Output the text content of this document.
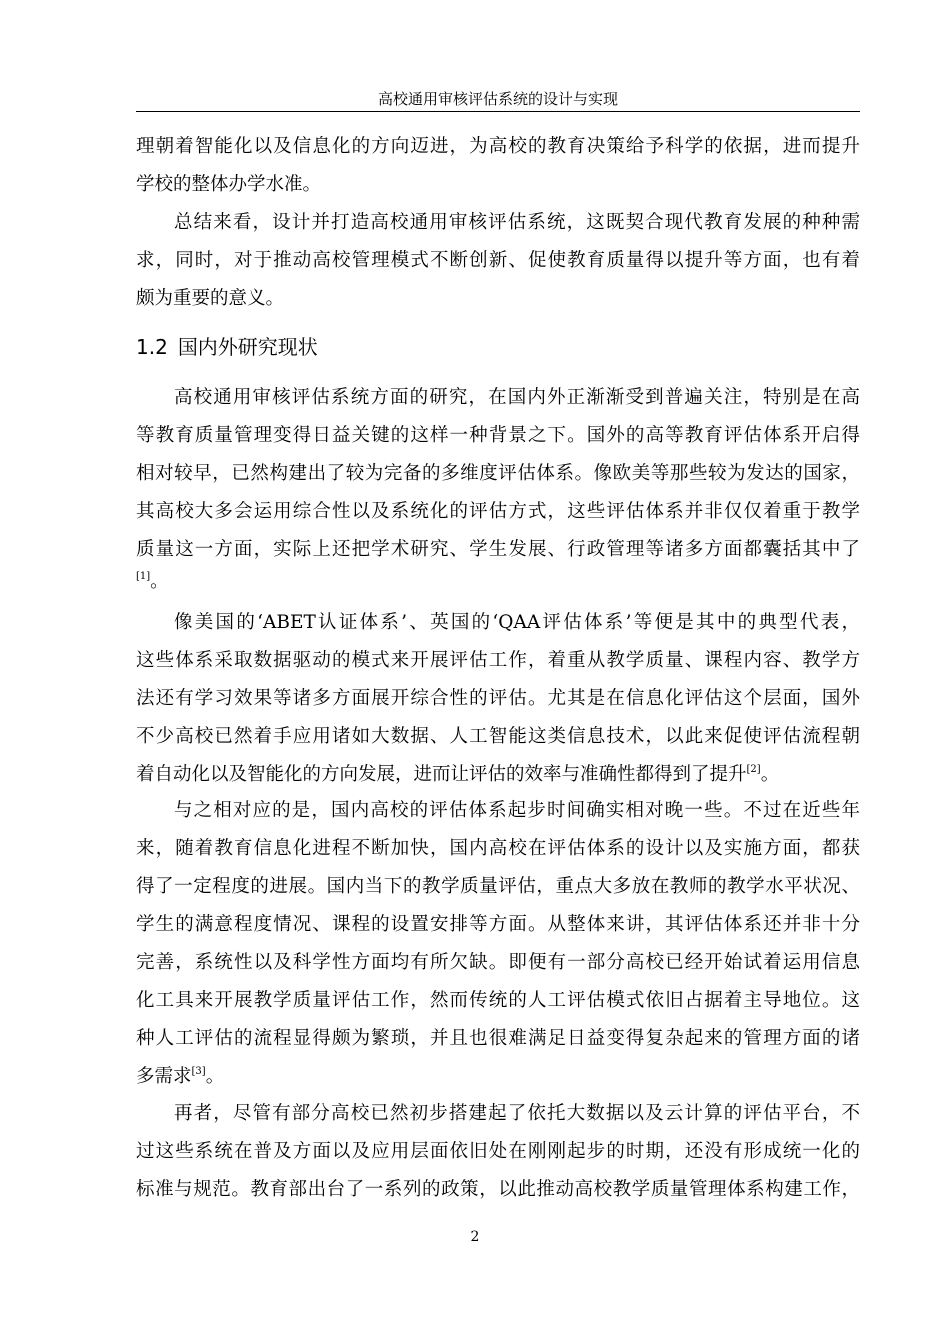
高校通用审核评估系统的设计与实现
理朝着智能化以及信息化的方向迈进，为高校的教育决策给予科学的依据，进而提升
学校的整体办学水准。
总结来看，设计并打造高校通用审核评估系统，这既契合现代教育发展的种种需
求，同时，对于推动高校管理模式不断创新、促使教育质量得以提升等方面，也有着
颇为重要的意义。
1.2 国内外研究现状
高校通用审核评估系统方面的研究，在国内外正渐渐受到普遍关注，特别是在高
等教育质量管理变得日益关键的这样一种背景之下。国外的高等教育评估体系开启得
相对较早，已然构建出了较为完备的多维度评估体系。像欧美等那些较为发达的国家，
其高校大多会运用综合性以及系统化的评估方式，这些评估体系并非仅仅着重于教学
质量这一方面，实际上还把学术研究、学生发展、行政管理等诸多方面都囊括其中了
[1]。
像美国的‘ABET认证体系’、英国的‘QAA评估体系’等便是其中的典型代表，
这些体系采取数据驱动的模式来开展评估工作，着重从教学质量、课程内容、教学方
法还有学习效果等诸多方面展开综合性的评估。尤其是在信息化评估这个层面，国外
不少高校已然着手应用诸如大数据、人工智能这类信息技术，以此来促使评估流程朝
着自动化以及智能化的方向发展，进而让评估的效率与准确性都得到了提升[2]。
与之相对应的是，国内高校的评估体系起步时间确实相对晚一些。不过在近些年
来，随着教育信息化进程不断加快，国内高校在评估体系的设计以及实施方面，都获
得了一定程度的进展。国内当下的教学质量评估，重点大多放在教师的教学水平状况、
学生的满意程度情况、课程的设置安排等方面。从整体来讲，其评估体系还并非十分
完善，系统性以及科学性方面均有所欠缺。即便有一部分高校已经开始试着运用信息
化工具来开展教学质量评估工作，然而传统的人工评估模式依旧占据着主导地位。这
种人工评估的流程显得颇为繁琐，并且也很难满足日益变得复杂起来的管理方面的诸
多需求[3]。
再者，尽管有部分高校已然初步搭建起了依托大数据以及云计算的评估平台，不
过这些系统在普及方面以及应用层面依旧处在刚刚起步的时期，还没有形成统一化的
标准与规范。教育部出台了一系列的政策，以此推动高校教学质量管理体系构建工作，
2
